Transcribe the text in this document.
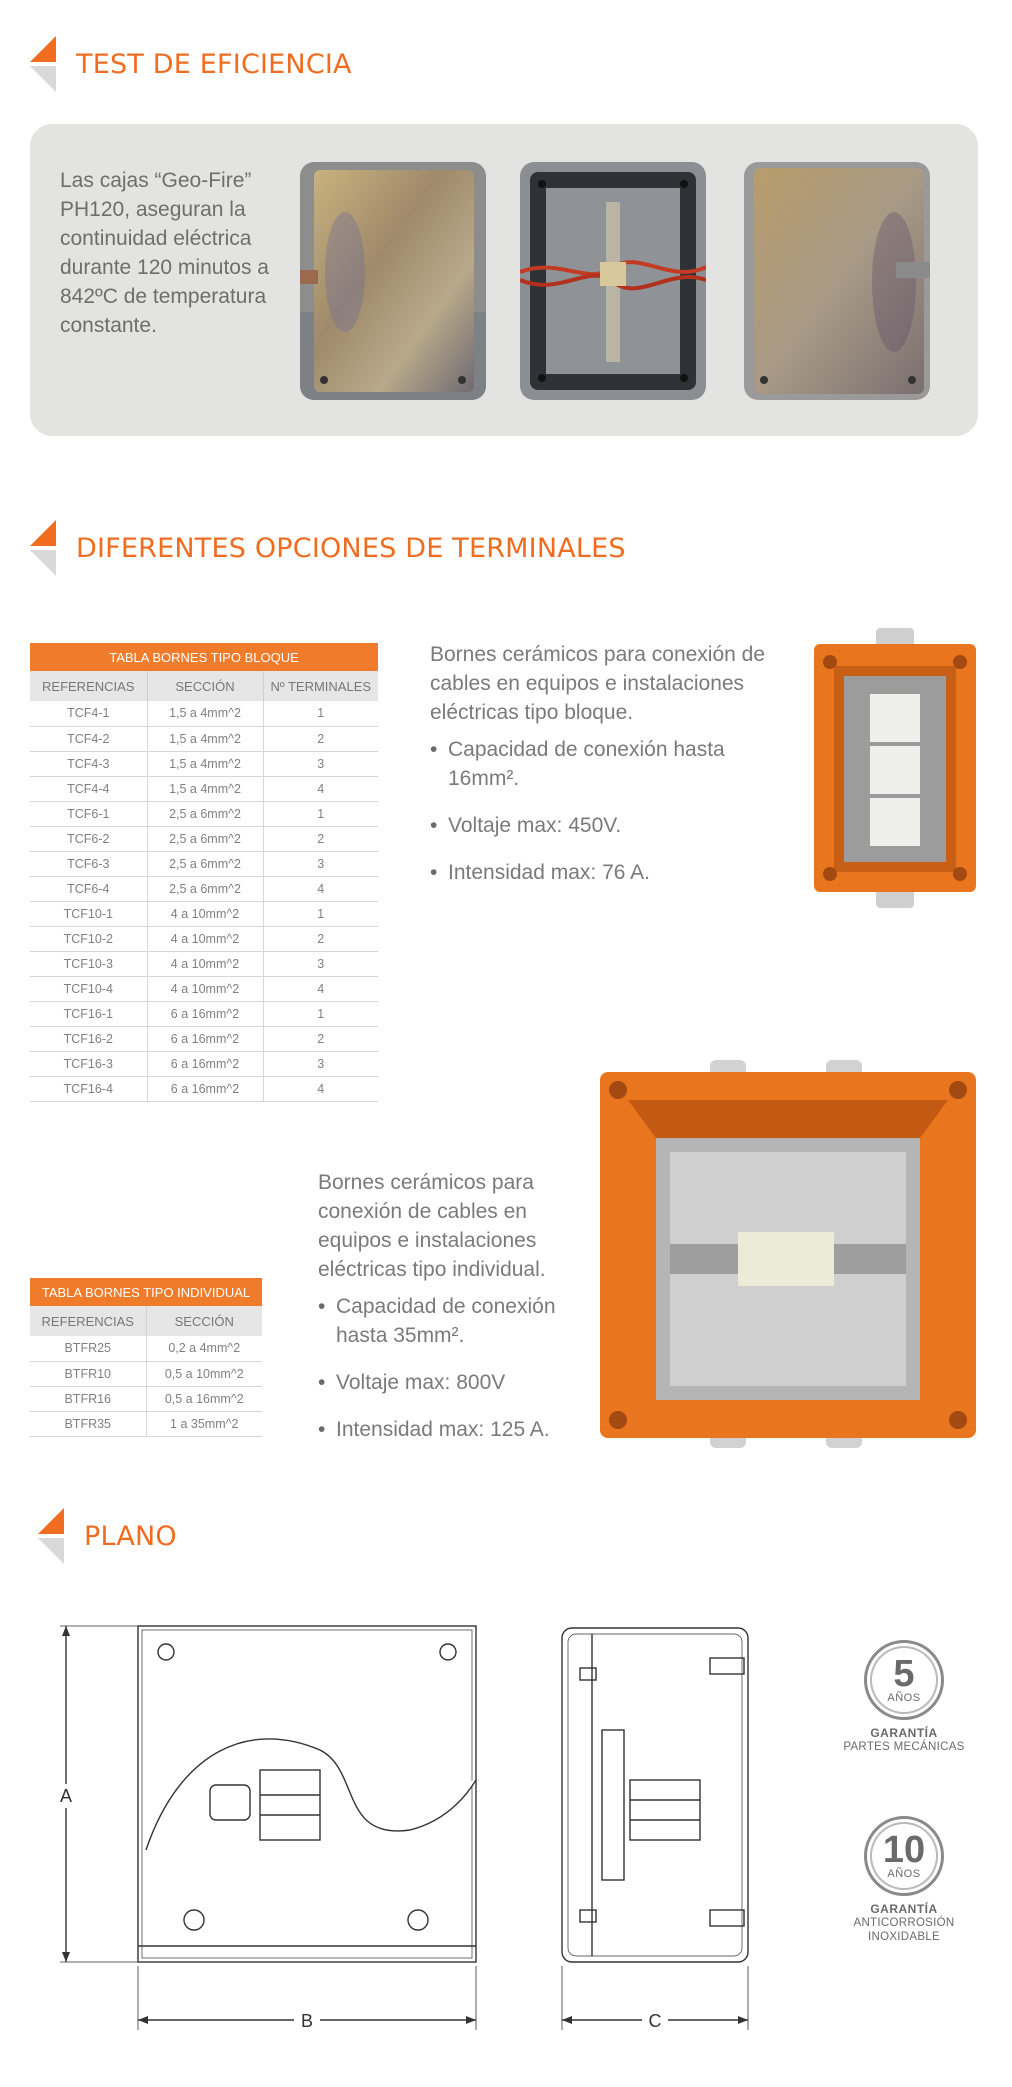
TEST DE EFICIENCIA

Las cajas “Geo-Fire” PH120, aseguran la continuidad eléctrica durante 120 minutos a 842ºC de temperatura constante.

DIFERENTES OPCIONES DE TERMINALES
TABLA BORNES TIPO BLOQUE		
REFERENCIAS	SECCIÓN	Nº TERMINALES
TCF4-1	1,5 a 4mm^2	1
TCF4-2	1,5 a 4mm^2	2
TCF4-3	1,5 a 4mm^2	3
TCF4-4	1,5 a 4mm^2	4
TCF6-1	2,5 a 6mm^2	1
TCF6-2	2,5 a 6mm^2	2
TCF6-3	2,5 a 6mm^2	3
TCF6-4	2,5 a 6mm^2	4
TCF10-1	4 a 10mm^2	1
TCF10-2	4 a 10mm^2	2
TCF10-3	4 a 10mm^2	3
TCF10-4	4 a 10mm^2	4
TCF16-1	6 a 16mm^2	1
TCF16-2	6 a 16mm^2	2
TCF16-3	6 a 16mm^2	3
TCF16-4	6 a 16mm^2	4

Bornes cerámicos para conexión de cables en equipos e instalaciones eléctricas tipo bloque.

• Capacidad de conexión hasta 16mm².
• Voltaje max: 450V.
• Intensidad max: 76 A.
TABLA BORNES TIPO INDIVIDUAL	
REFERENCIAS	SECCIÓN
BTFR25	0,2 a 4mm^2
BTFR10	0,5 a 10mm^2
BTFR16	0,5 a 16mm^2
BTFR35	1 a 35mm^2

Bornes cerámicos para conexión de cables en equipos e instalaciones eléctricas tipo individual.

• Capacidad de conexión hasta 35mm².
• Voltaje max: 800V
• Intensidad max: 125 A.
PLANO
A
B	C
5
AÑOS
GARANTÍA
PARTES MECÁNICAS
10
AÑOS
GARANTÍA
ANTICORROSIÓN
INOXIDABLE
